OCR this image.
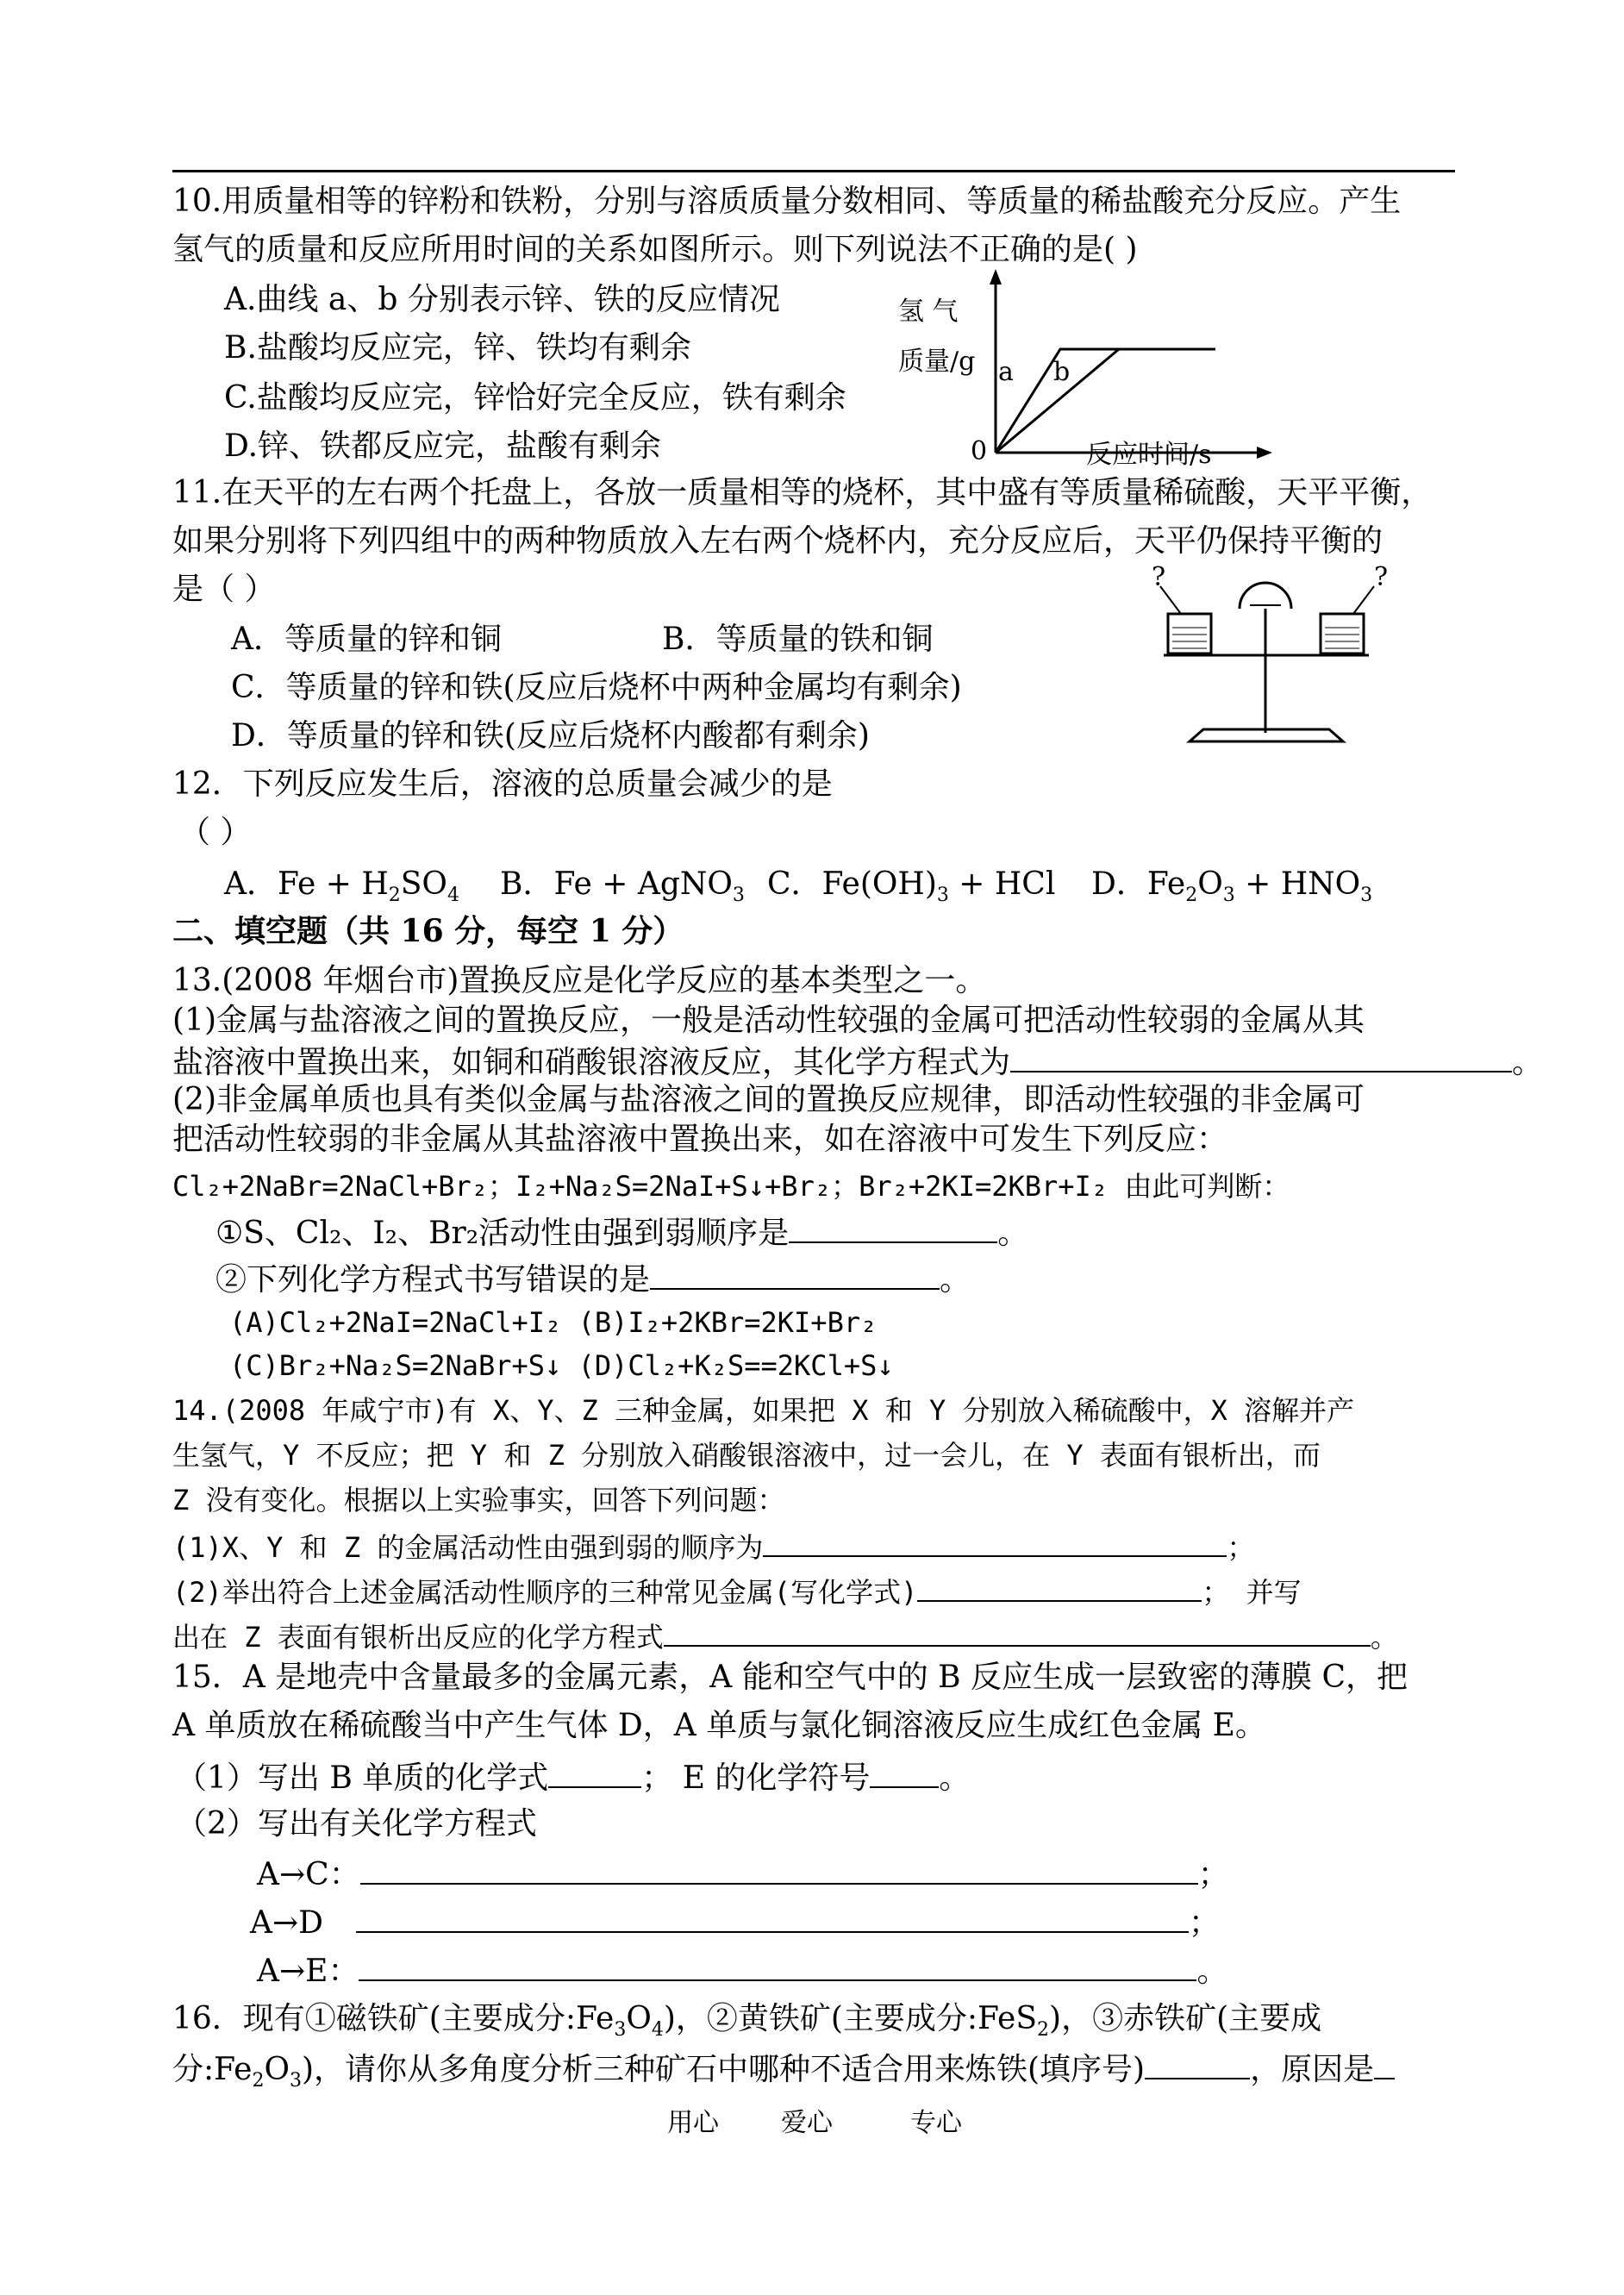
10.用质量相等的锌粉和铁粉，分别与溶质质量分数相同、等质量的稀盐酸充分反应。产生
氢气的质量和反应所用时间的关系如图所示。则下列说法不正确的是( )
A.曲线 a、b 分别表示锌、铁的反应情况
B.盐酸均反应完，锌、铁均有剩余
C.盐酸均反应完，锌恰好完全反应，铁有剩余
D.锌、铁都反应完，盐酸有剩余
氢 气
质量/g a b
0	反应时间/s
11.在天平的左右两个托盘上，各放一质量相等的烧杯，其中盛有等质量稀硫酸，天平平衡，
如果分别将下列四组中的两种物质放入左右两个烧杯内，充分反应后，天平仍保持平衡的
是（ ）
A．等质量的锌和铜	B．等质量的铁和铜
C．等质量的锌和铁(反应后烧杯中两种金属均有剩余)
D．等质量的锌和铁(反应后烧杯内酸都有剩余)
?	?
12．下列反应发生后，溶液的总质量会减少的是
（ ）
A．$Fe + H_2SO_4$ B．Fe + AgNO$_3$ C．$Fe(OH)_3$ + HCl D．$Fe_2O_3 + HNO_3$
二、填空题（共 16 分，每空 1 分）
13.(2008 年烟台市)置换反应是化学反应的基本类型之一。
(1)金属与盐溶液之间的置换反应，一般是活动性较强的金属可把活动性较弱的金属从其
盐溶液中置换出来，如铜和硝酸银溶液反应，其化学方程式为	。
(2)非金属单质也具有类似金属与盐溶液之间的置换反应规律，即活动性较强的非金属可
把活动性较弱的非金属从其盐溶液中置换出来，如在溶液中可发生下列反应：
Cl₂+2NaBr=2NaCl+Br₂；I₂+Na₂S=2NaI+S↓+Br₂；Br₂+2KI=2KBr+I₂ 由此可判断：
①S、Cl₂、I₂、Br₂活动性由强到弱顺序是	。
②下列化学方程式书写错误的是	。
(A)Cl₂+2NaI=2NaCl+I₂ (B)I₂+2KBr=2KI+Br₂
(C)Br₂+Na₂S=2NaBr+S↓ (D)Cl₂+K₂S==2KCl+S↓
14.(2008 年咸宁市)有 X、Y、Z 三种金属，如果把 X 和 Y 分别放入稀硫酸中，X 溶解并产
生氢气，Y 不反应；把 Y 和 Z 分别放入硝酸银溶液中，过一会儿，在 Y 表面有银析出，而
Z 没有变化。根据以上实验事实，回答下列问题：
(1)X、Y 和 Z 的金属活动性由强到弱的顺序为	；
(2)举出符合上述金属活动性顺序的三种常见金属(写化学式)	； 并写
出在 Z 表面有银析出反应的化学方程式	。
15．A 是地壳中含量最多的金属元素，A 能和空气中的 B 反应生成一层致密的薄膜 C，把
A 单质放在稀硫酸当中产生气体 D，A 单质与氯化铜溶液反应生成红色金属 E。
（1）写出 B 单质的化学式	； E 的化学符号 。
（2）写出有关化学方程式
A→C：	；
A→D	；
A→E：	。
16．现有①磁铁矿(主要成分$:Fe_3O_4$)，②黄铁矿(主要成分:FeS$_2$)，③赤铁矿(主要成
分$:Fe_2O_3$)，请你从多角度分析三种矿石中哪种不适合用来炼铁(填序号)	，原因是
用心 爱心	专心
